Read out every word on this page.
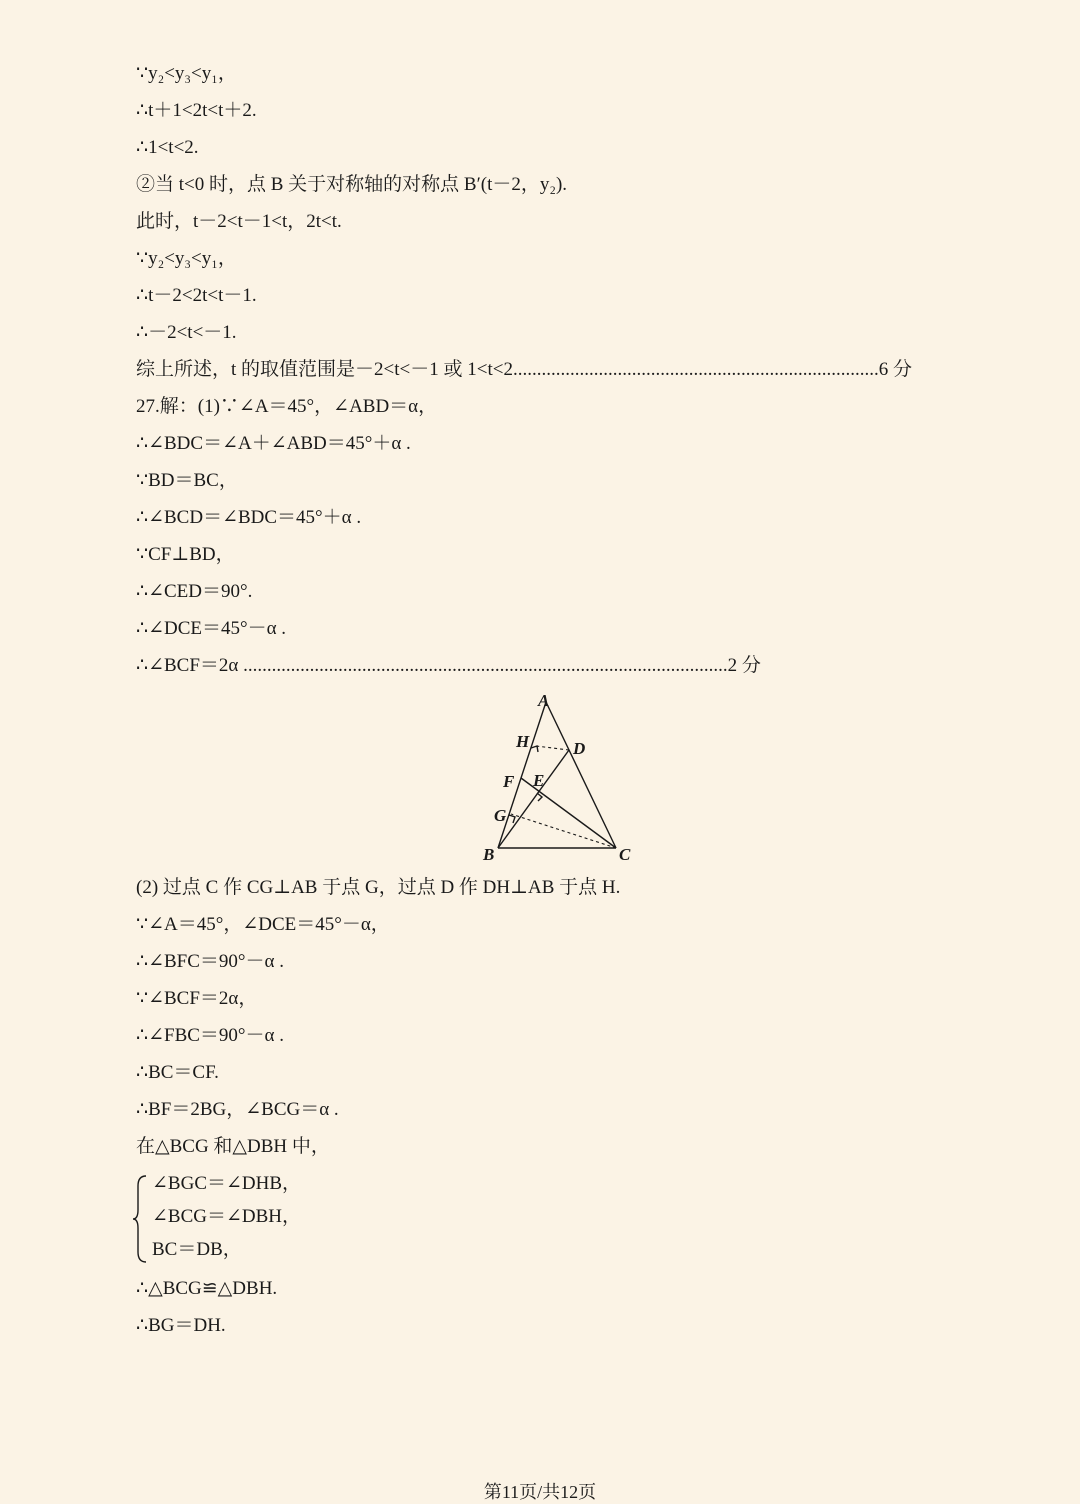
∵y₂<y₃<y₁，
∴t＋1<2t<t＋2.
∴1<t<2.
②当 t<0 时，点 B 关于对称轴的对称点 B′(t－2，y₂).
此时，t－2<t－1<t，2t<t.
∵y₂<y₃<y₁，
∴t－2<2t<t－1.
∴－2<t<－1.
综上所述，t 的取值范围是－2<t<－1 或 1<t<2.............................................................................6 分
27.解：(1)∵∠A＝45°，∠ABD＝α，
∴∠BDC＝∠A＋∠ABD＝45°＋α .
∵BD＝BC，
∴∠BCD＝∠BDC＝45°＋α .
∵CF⊥BD，
∴∠CED＝90°.
∴∠DCE＝45°－α .
∴∠BCF＝2α ......................................................................................................2 分
A
B	C
D
E
F
G
H
(2) 过点 C 作 CG⊥AB 于点 G，过点 D 作 DH⊥AB 于点 H.
∵∠A＝45°，∠DCE＝45°－α，
∴∠BFC＝90°－α .
∵∠BCF＝2α，
∴∠FBC＝90°－α .
∴BC＝CF.
∴BF＝2BG，∠BCG＝α .
在△BCG 和△DBH 中，
∠BGC＝∠DHB，
∠BCG＝∠DBH，
BC＝DB，
∴△BCG≌△DBH.
∴BG＝DH.
第11页/共12页
